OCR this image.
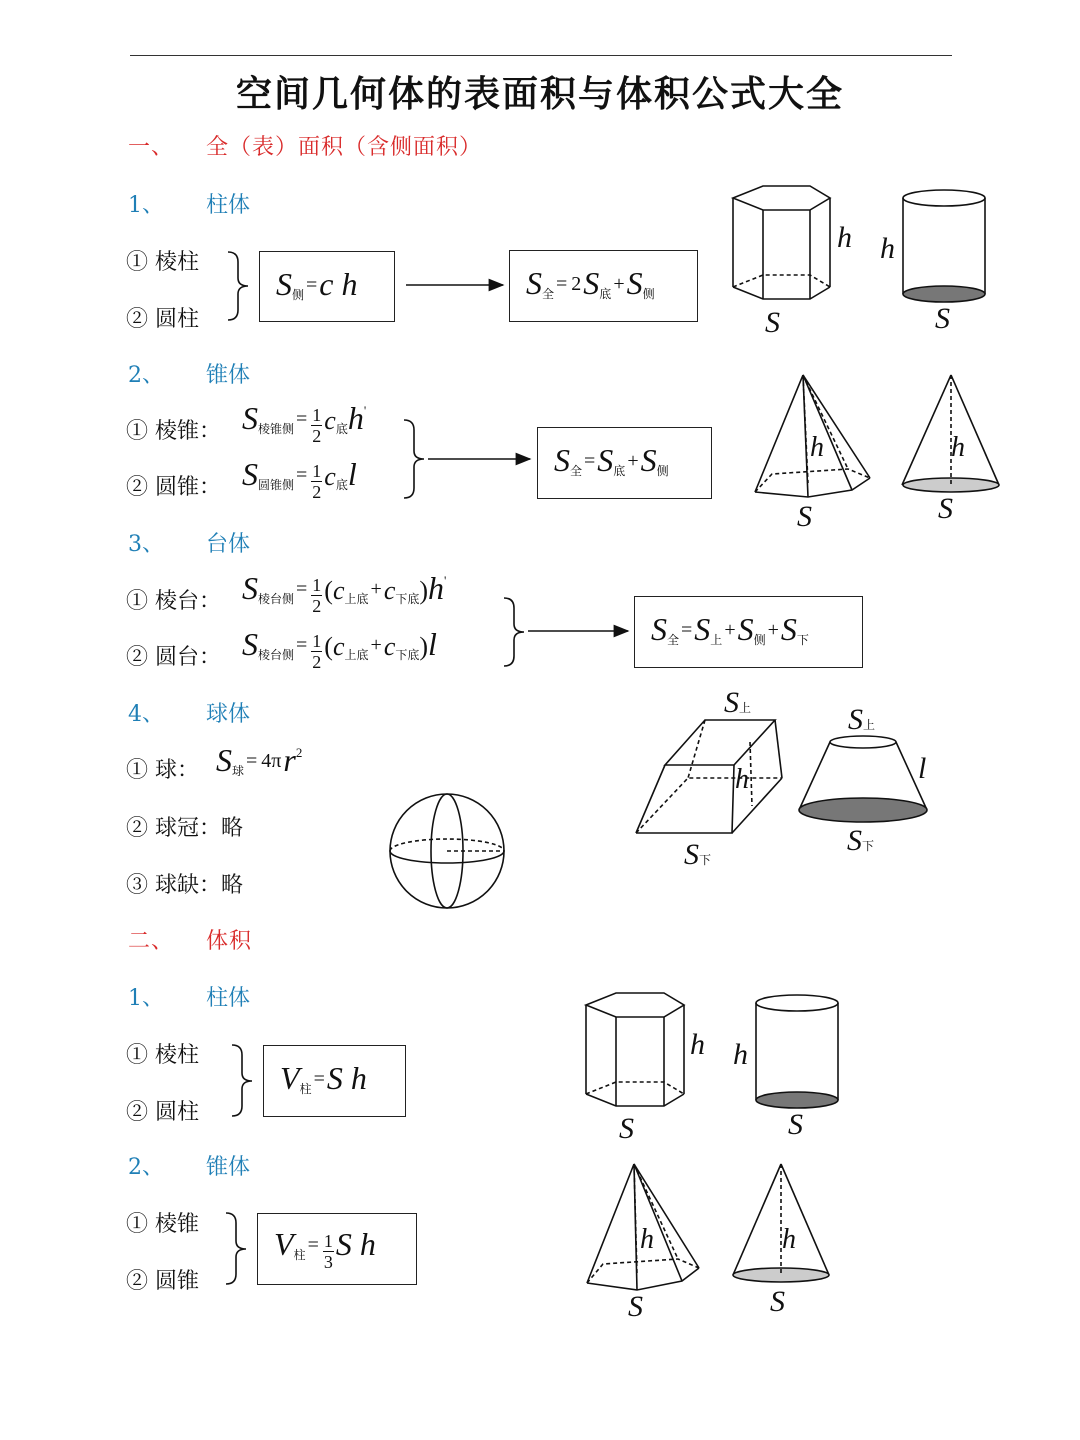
空间几何体的表面积与体积公式大全
一、 全（表）面积（含侧面积）
1、 柱体
① 棱柱
② 圆柱
$S_侧 =c$ h	$S_全 = 2S_底 +S_侧$
2、 锥体
① 棱锥：
② 圆锥：
$S_{棱锥侧} = \frac{1}{2} c_底h'$
$S_{圆锥侧} = \frac{1}{2} c_底l$	$S_全 =S_底 +S_侧$
3、 台体
① 棱台：
② 圆台：
$S_{棱台侧} = \frac{1}{2} (c_{上底} +c_{下底})h'$
$S_{棱台侧} = \frac{1}{2} (c_{上底} +c_{下底})l$	$S_全 =S_上 +S_侧 +S_下$
4、 球体
① 球： $S_球 = 4\pi r^2$
② 球冠：略
③ 球缺：略
二、 体积
1、 柱体
① 棱柱
② 圆柱
$V_柱 =S$ h
2、 锥体
① 棱锥
② 圆锥
$V_柱 = \frac{1}{3}$ S h
h
S
h
S
h
S
h
S
S上
h
S下
S上
l
S下
h
S
h
S
h
S
h
S
